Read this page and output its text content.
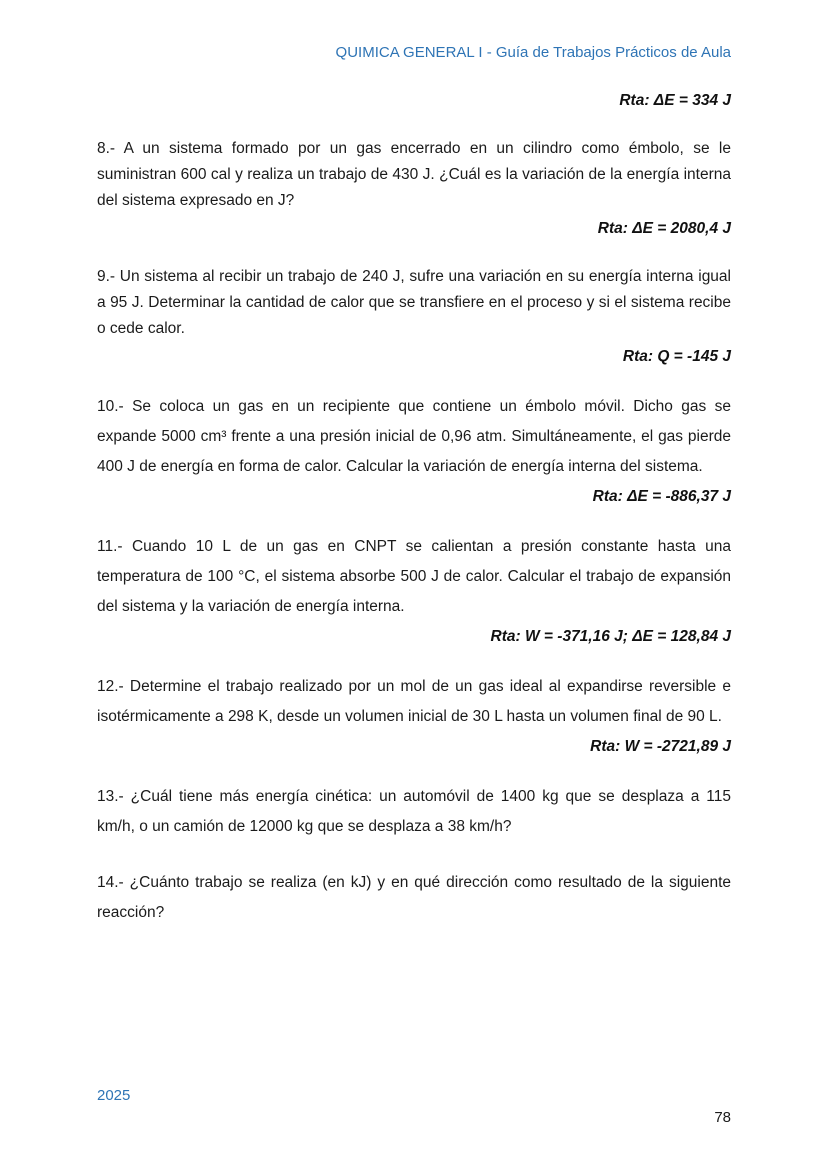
QUIMICA GENERAL I - Guía de Trabajos Prácticos de Aula

Rta: ΔE = 334 J

8.- A un sistema formado por un gas encerrado en un cilindro como émbolo, se le suministran 600 cal y realiza un trabajo de 430 J. ¿Cuál es la variación de la energía interna del sistema expresado en J?

Rta: ΔE = 2080,4 J

9.- Un sistema al recibir un trabajo de 240 J, sufre una variación en su energía interna igual a 95 J. Determinar la cantidad de calor que se transfiere en el proceso y si el sistema recibe o cede calor.

Rta: Q = -145 J

10.- Se coloca un gas en un recipiente que contiene un émbolo móvil. Dicho gas se expande 5000 cm³ frente a una presión inicial de 0,96 atm. Simultáneamente, el gas pierde 400 J de energía en forma de calor. Calcular la variación de energía interna del sistema.

Rta: ΔE = -886,37 J

11.- Cuando 10 L de un gas en CNPT se calientan a presión constante hasta una temperatura de 100 °C, el sistema absorbe 500 J de calor. Calcular el trabajo de expansión del sistema y la variación de energía interna.

Rta: W = -371,16 J; ΔE = 128,84 J

12.- Determine el trabajo realizado por un mol de un gas ideal al expandirse reversible e isotérmicamente a 298 K, desde un volumen inicial de 30 L hasta un volumen final de 90 L.

Rta: W = -2721,89 J

13.- ¿Cuál tiene más energía cinética: un automóvil de 1400 kg que se desplaza a 115 km/h, o un camión de 12000 kg que se desplaza a 38 km/h?

14.- ¿Cuánto trabajo se realiza (en kJ) y en qué dirección como resultado de la siguiente reacción?

2025
78
